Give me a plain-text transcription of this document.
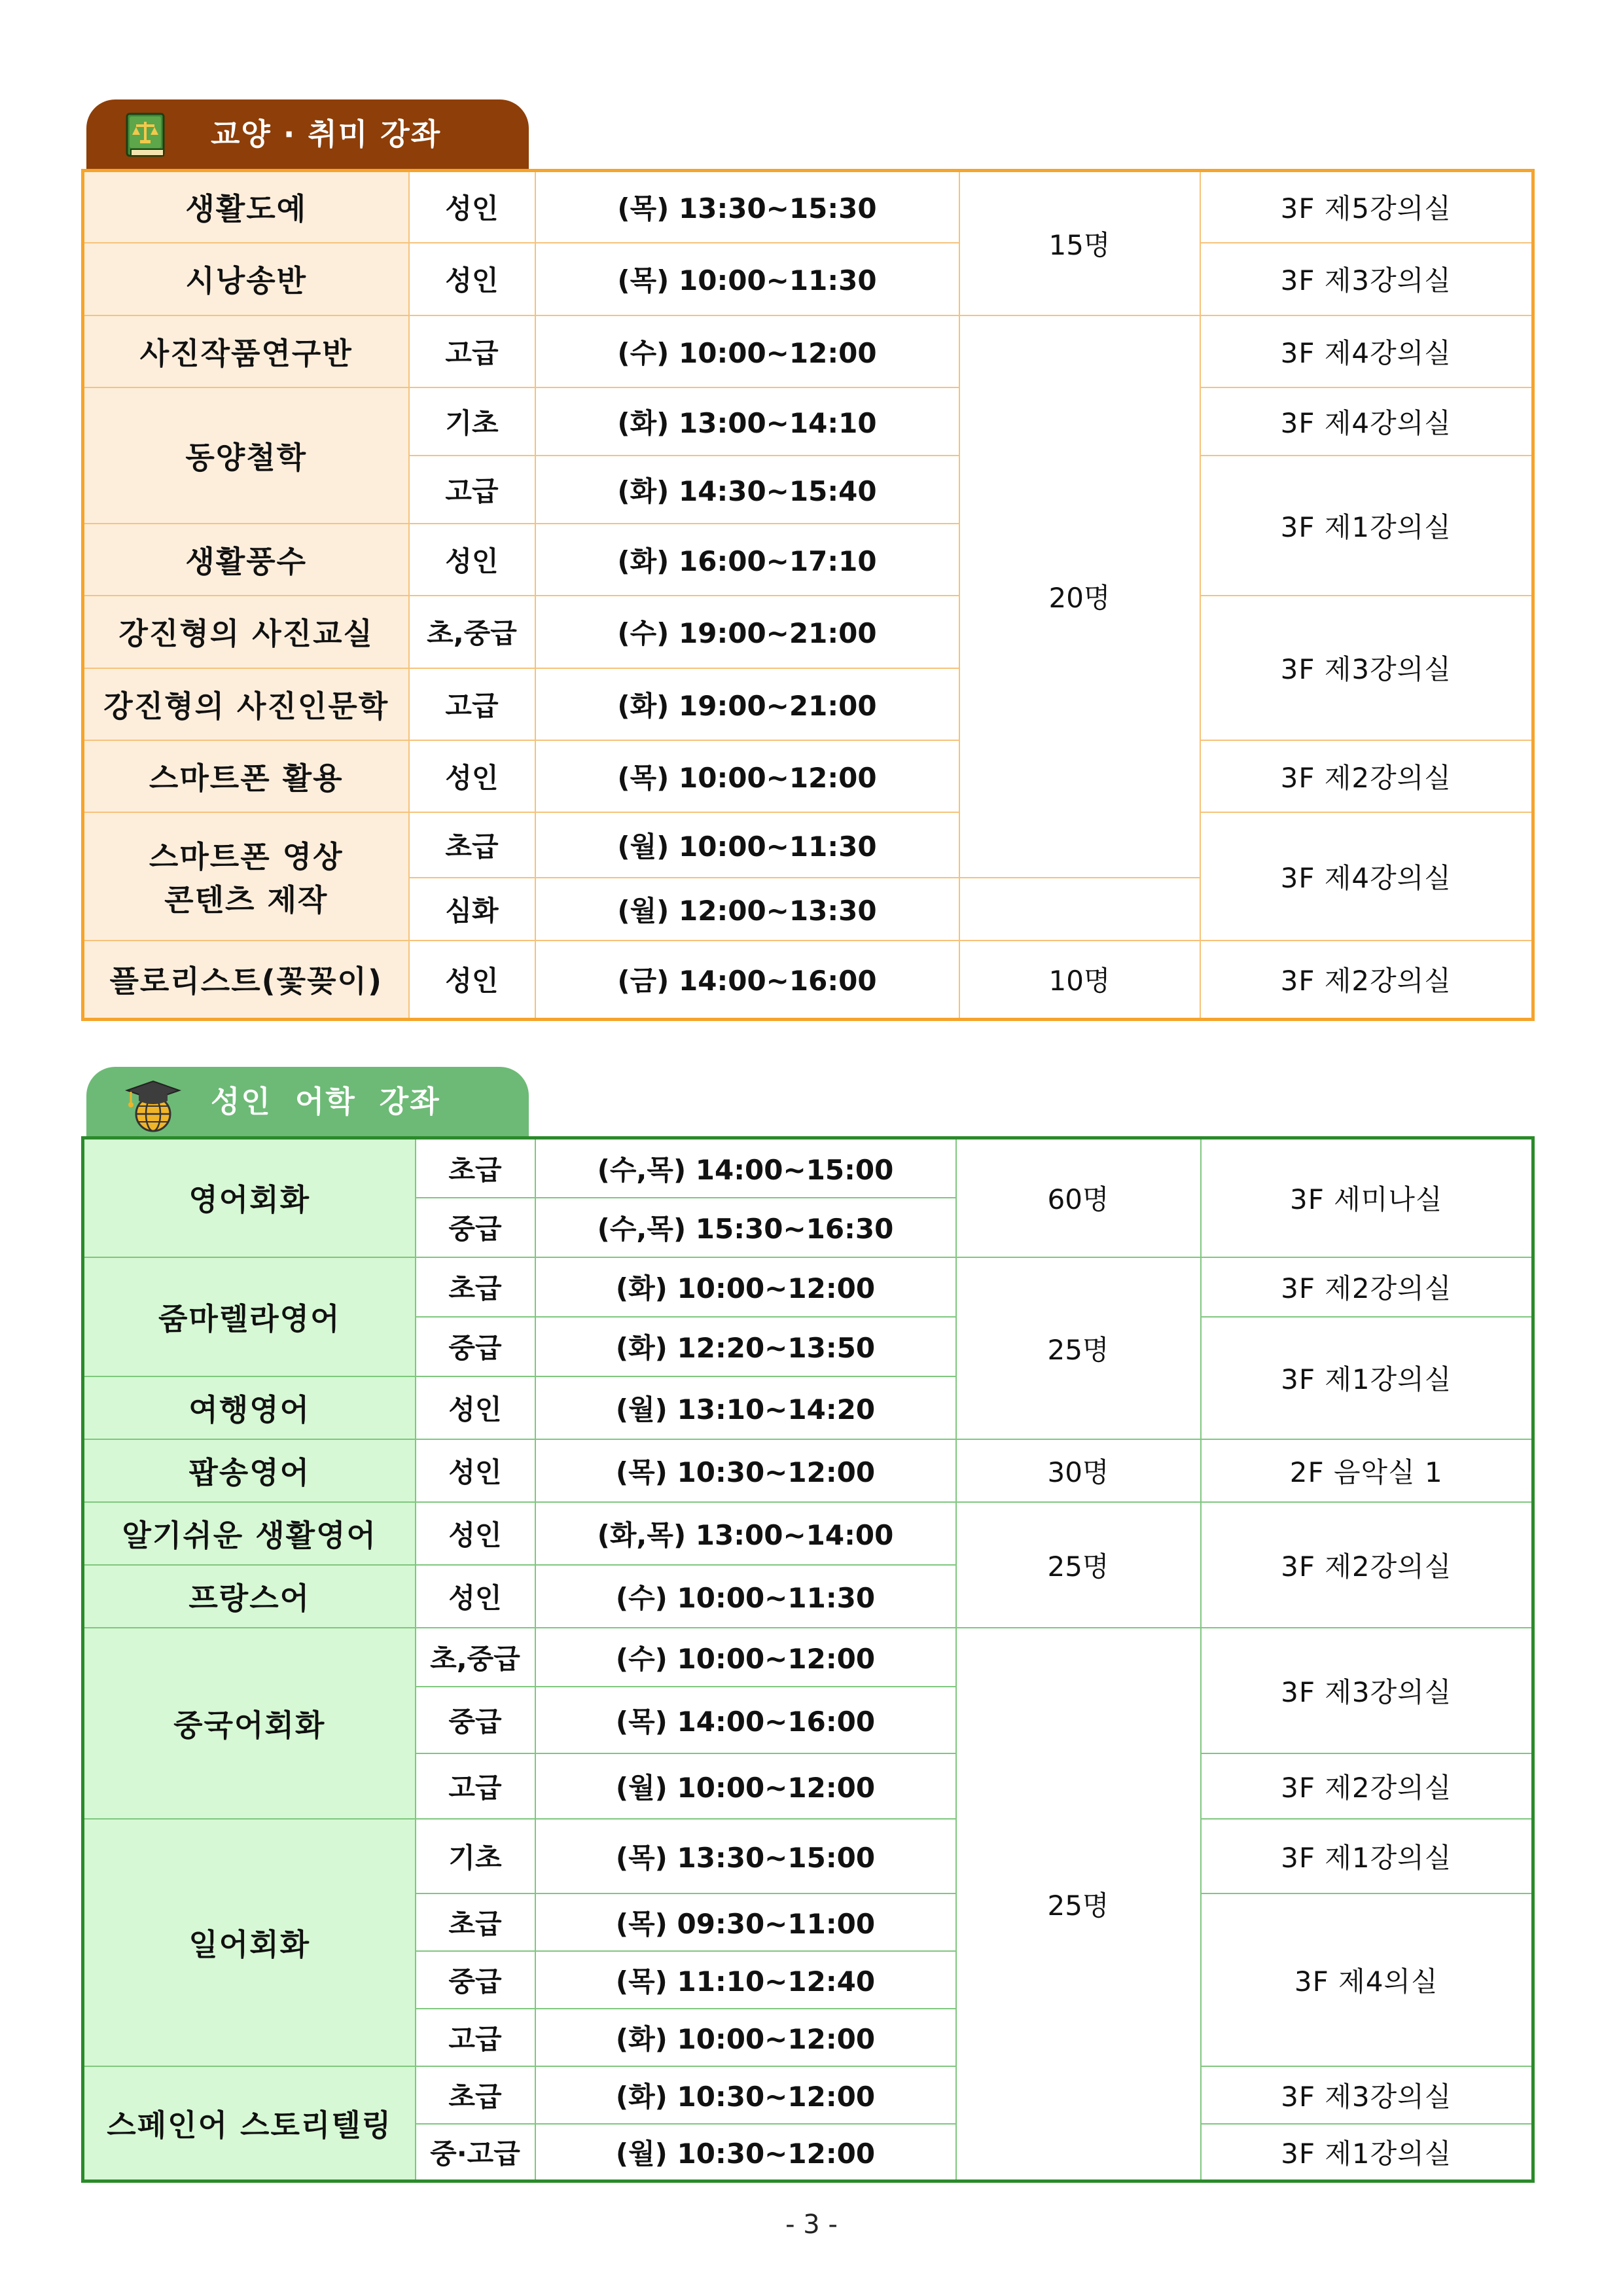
교양 · 취미 강좌
생활도예	성인	(목) 13:30~15:30	15명	3F 제5강의실
시낭송반	성인	(목) 10:00~11:30		3F 제3강의실
사진작품연구반	고급	(수) 10:00~12:00	20명	3F 제4강의실
동양철학	기초	(화) 13:00~14:10		3F 제4강의실
	고급	(화) 14:30~15:40		3F 제1강의실
생활풍수	성인	(화) 16:00~17:10		
강진형의 사진교실	초,중급	(수) 19:00~21:00		3F 제3강의실
강진형의 사진인문학	고급	(화) 19:00~21:00		
스마트폰 활용	성인	(목) 10:00~12:00		3F 제2강의실
스마트폰 영상
콘텐츠 제작	초급	(월) 10:00~11:30		3F 제4강의실
	심화	(월) 12:00~13:30		
플로리스트(꽃꽂이)	성인	(금) 14:00~16:00	10명	3F 제2강의실
성인  어학  강좌
영어회화	초급	(수,목) 14:00~15:00	60명	3F 세미나실
	중급	(수,목) 15:30~16:30		
줌마렐라영어	초급	(화) 10:00~12:00	25명	3F 제2강의실
	중급	(화) 12:20~13:50		3F 제1강의실
여행영어	성인	(월) 13:10~14:20		
팝송영어	성인	(목) 10:30~12:00	30명	2F 음악실 1
알기쉬운 생활영어	성인	(화,목) 13:00~14:00	25명	3F 제2강의실
프랑스어	성인	(수) 10:00~11:30		
중국어회화	초,중급	(수) 10:00~12:00	25명	3F 제3강의실
	중급	(목) 14:00~16:00		
	고급	(월) 10:00~12:00		3F 제2강의실
일어회화	기초	(목) 13:30~15:00		3F 제1강의실
	초급	(목) 09:30~11:00		3F 제4의실
	중급	(목) 11:10~12:40		
	고급	(화) 10:00~12:00		
스페인어 스토리텔링	초급	(화) 10:30~12:00		3F 제3강의실
	중·고급	(월) 10:30~12:00		3F 제1강의실
- 3 -
